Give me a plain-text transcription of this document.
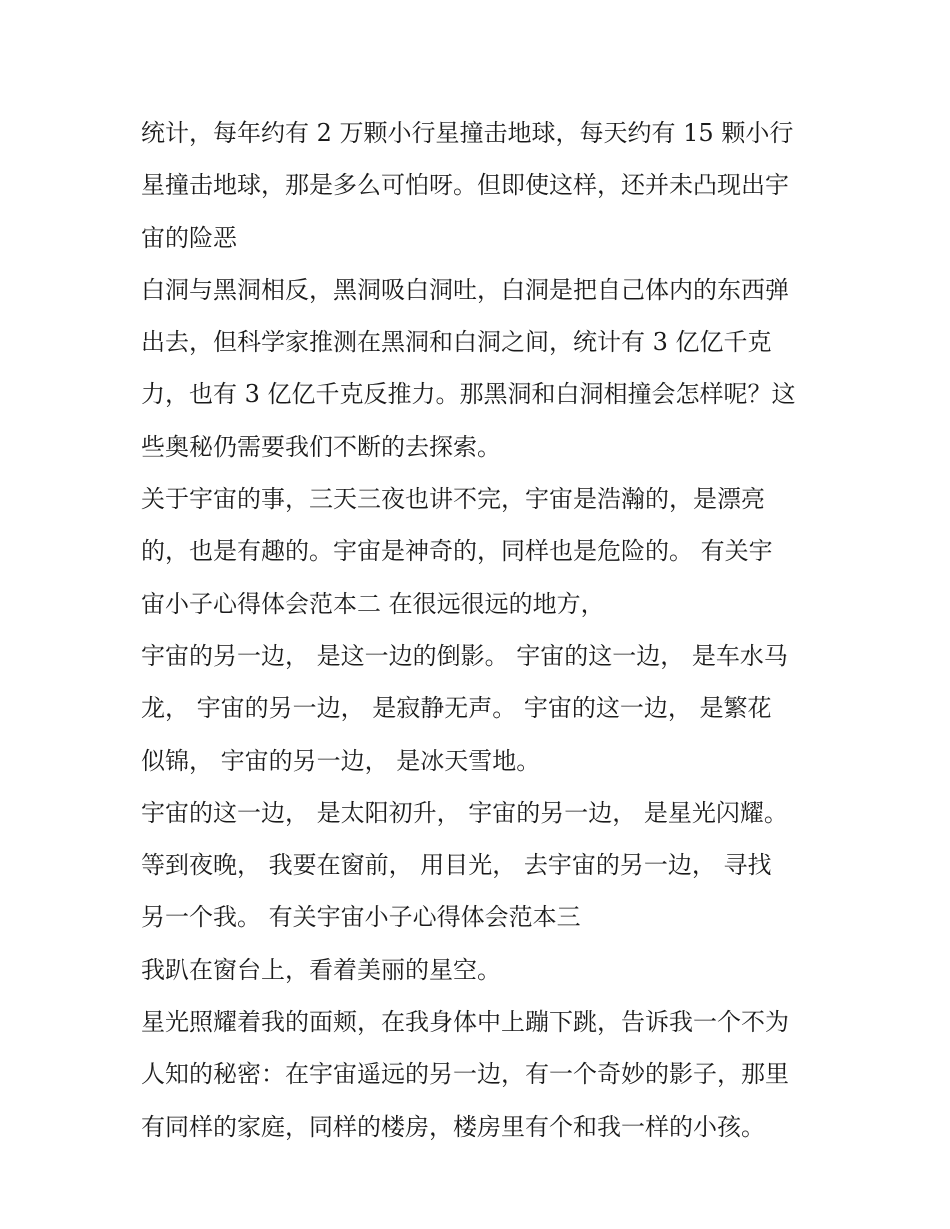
统计，每年约有 2 万颗小行星撞击地球，每天约有 15 颗小行
星撞击地球，那是多么可怕呀。但即使这样，还并未凸现出宇
宙的险恶
白洞与黑洞相反，黑洞吸白洞吐，白洞是把自己体内的东西弹
出去，但科学家推测在黑洞和白洞之间，统计有 3 亿亿千克
力，也有 3 亿亿千克反推力。那黑洞和白洞相撞会怎样呢？这
些奥秘仍需要我们不断的去探索。
关于宇宙的事，三天三夜也讲不完，宇宙是浩瀚的，是漂亮
的，也是有趣的。宇宙是神奇的，同样也是危险的。 有关宇
宙小子心得体会范本二 在很远很远的地方，
宇宙的另一边， 是这一边的倒影。 宇宙的这一边， 是车水马
龙， 宇宙的另一边， 是寂静无声。 宇宙的这一边， 是繁花
似锦， 宇宙的另一边， 是冰天雪地。
宇宙的这一边， 是太阳初升， 宇宙的另一边， 是星光闪耀。
等到夜晚， 我要在窗前， 用目光， 去宇宙的另一边， 寻找
另一个我。 有关宇宙小子心得体会范本三
我趴在窗台上，看着美丽的星空。
星光照耀着我的面颊，在我身体中上蹦下跳，告诉我一个不为
人知的秘密：在宇宙遥远的另一边，有一个奇妙的影子，那里
有同样的家庭，同样的楼房，楼房里有个和我一样的小孩。
